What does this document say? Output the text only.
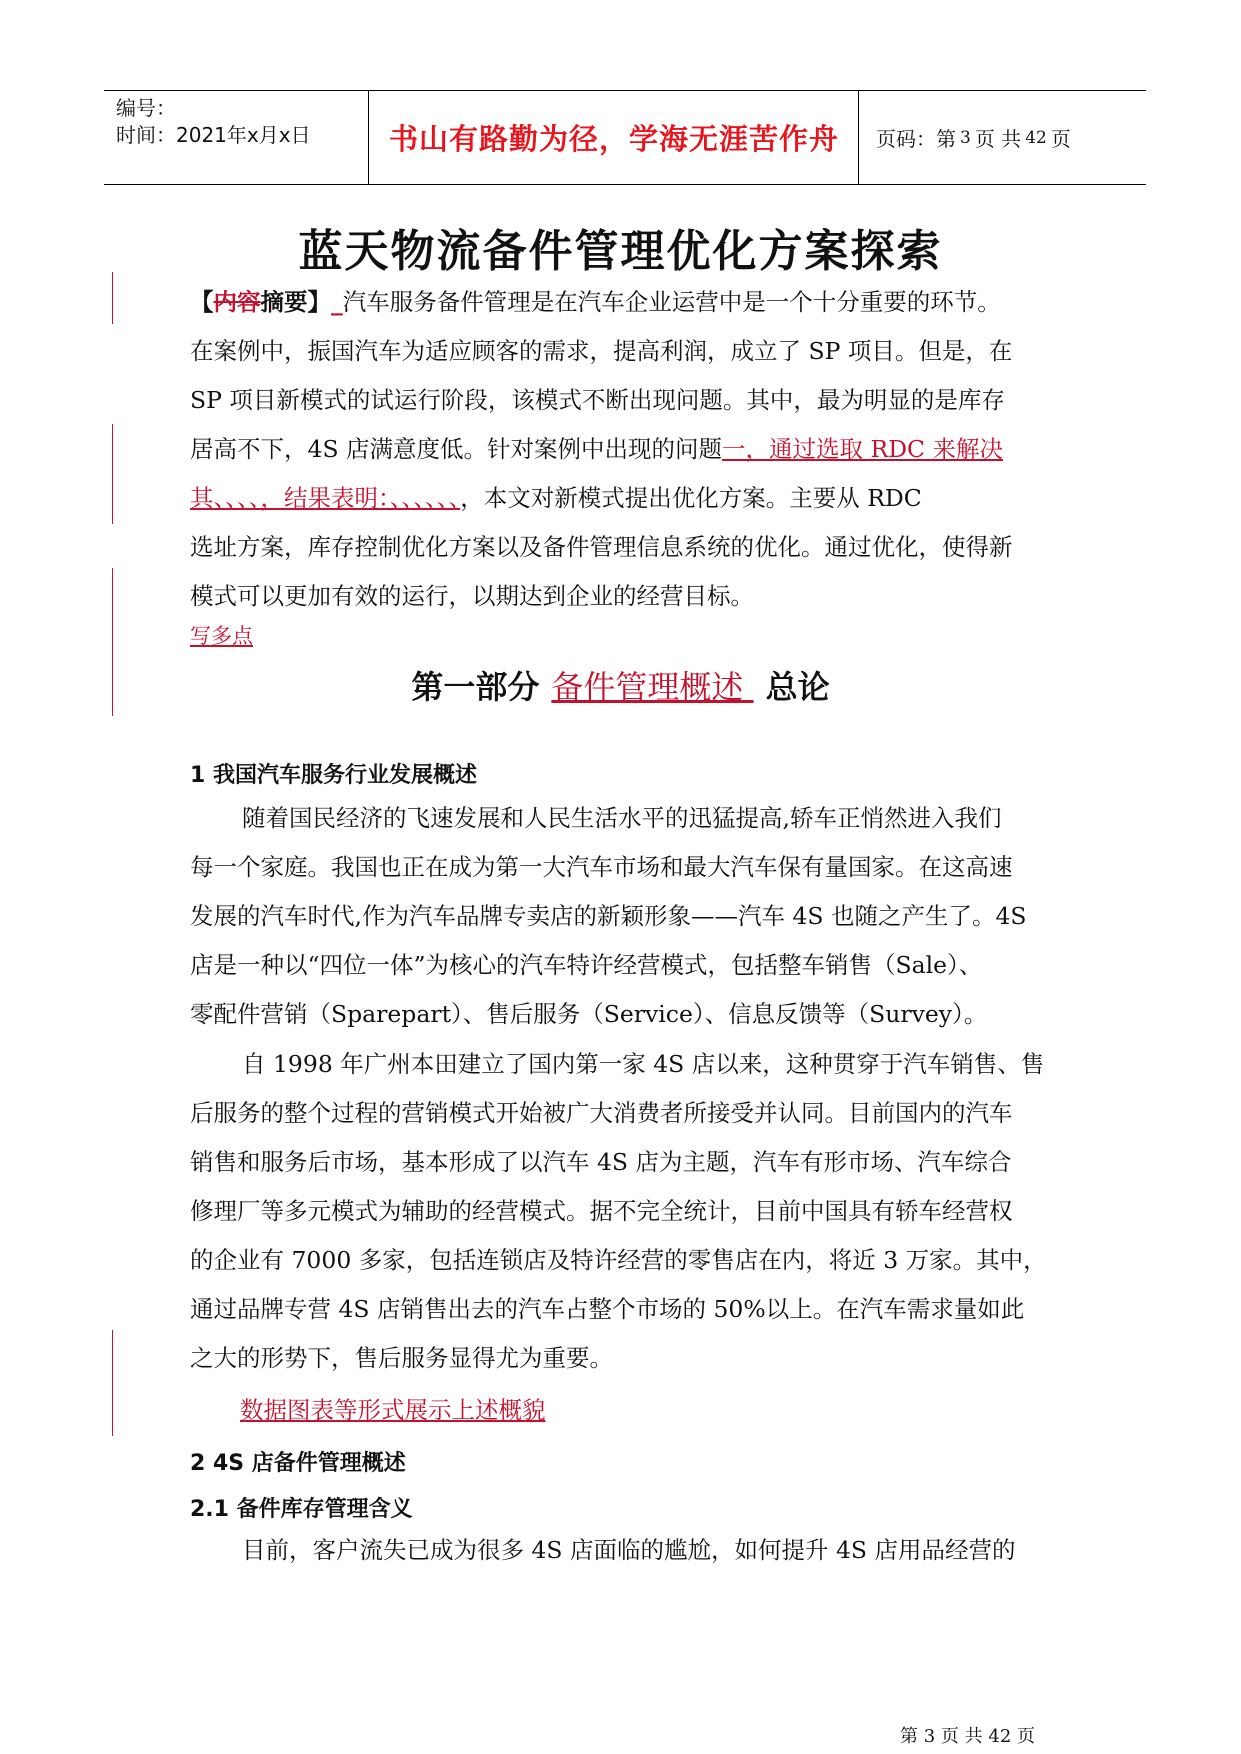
编号：
时间：2021年x月x日	书山有路勤为径，学海无涯苦作舟	页码：第 3 页 共 42 页
蓝天物流备件管理优化方案探索
【内容摘要】_汽车服务备件管理是在汽车企业运营中是一个十分重要的环节。
在案例中，振国汽车为适应顾客的需求，提高利润，成立了 SP 项目。但是，在
SP 项目新模式的试运行阶段，该模式不断出现问题。其中，最为明显的是库存
居高不下，4S 店满意度低。针对案例中出现的问题一，通过选取 RDC 来解决
其、、、、，结果表明：、、、、、、，本文对新模式提出优化方案。主要从 RDC
选址方案，库存控制优化方案以及备件管理信息系统的优化。通过优化，使得新
模式可以更加有效的运行，以期达到企业的经营目标。
写多点
第一部分 备件管理概述 总论
1 我国汽车服务行业发展概述
随着国民经济的飞速发展和人民生活水平的迅猛提高,轿车正悄然进入我们
每一个家庭。我国也正在成为第一大汽车市场和最大汽车保有量国家。在这高速
发展的汽车时代,作为汽车品牌专卖店的新颖形象——汽车 4S 也随之产生了。4S
店是一种以“四位一体”为核心的汽车特许经营模式，包括整车销售（Sale）、
零配件营销（Sparepart）、售后服务（Service）、信息反馈等（Survey）。
自 1998 年广州本田建立了国内第一家 4S 店以来，这种贯穿于汽车销售、售
后服务的整个过程的营销模式开始被广大消费者所接受并认同。目前国内的汽车
销售和服务后市场，基本形成了以汽车 4S 店为主题，汽车有形市场、汽车综合
修理厂等多元模式为辅助的经营模式。据不完全统计，目前中国具有轿车经营权
的企业有 7000 多家，包括连锁店及特许经营的零售店在内，将近 3 万家。其中，
通过品牌专营 4S 店销售出去的汽车占整个市场的 50%以上。在汽车需求量如此
之大的形势下，售后服务显得尤为重要。
数据图表等形式展示上述概貌
2 4S 店备件管理概述
2.1 备件库存管理含义
目前，客户流失已成为很多 4S 店面临的尴尬，如何提升 4S 店用品经营的
第 3 页 共 42 页
